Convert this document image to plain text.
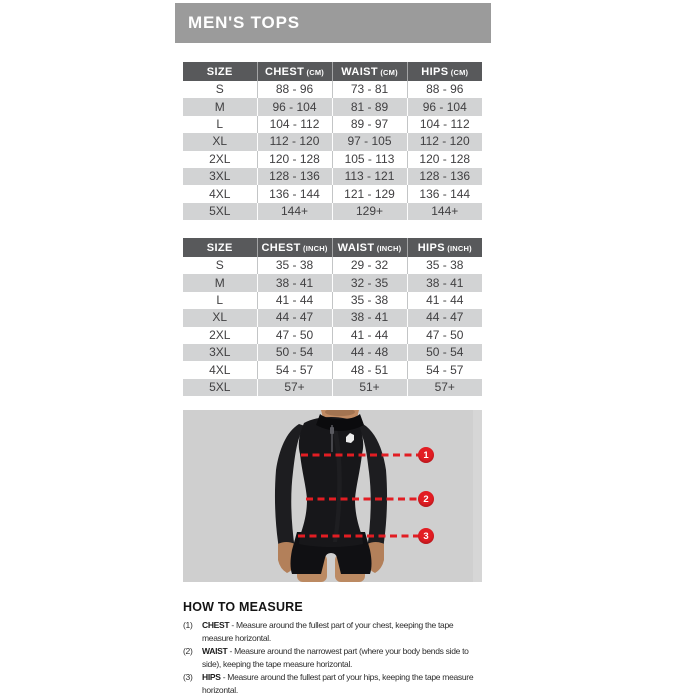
MEN'S TOPS
SIZE	CHEST (CM)	WAIST (CM)	HIPS (CM)
S	88 - 96	73 - 81	88 - 96
M	96 - 104	81 - 89	96 - 104
L	104 - 112	89 - 97	104 - 112
XL	112 - 120	97 - 105	112 - 120
2XL	120 - 128	105 - 113	120 - 128
3XL	128 - 136	113 - 121	128 - 136
4XL	136 - 144	121 - 129	136 - 144
5XL	144+	129+	144+
SIZE	CHEST (INCH)	WAIST (INCH)	HIPS (INCH)
S	35 - 38	29 - 32	35 - 38
M	38 - 41	32 - 35	38 - 41
L	41 - 44	35 - 38	41 - 44
XL	44 - 47	38 - 41	44 - 47
2XL	47 - 50	41 - 44	47 - 50
3XL	50 - 54	44 - 48	50 - 54
4XL	54 - 57	48 - 51	54 - 57
5XL	57+	51+	57+
1
2
3
HOW TO MEASURE
(1)	CHEST - Measure around the fullest part of your chest, keeping the tape measure horizontal.

(2)	WAIST - Measure around the narrowest part (where your body bends side to side), keeping the tape measure horizontal.

(3)	HIPS - Measure around the fullest part of your hips, keeping the tape measure horizontal.
